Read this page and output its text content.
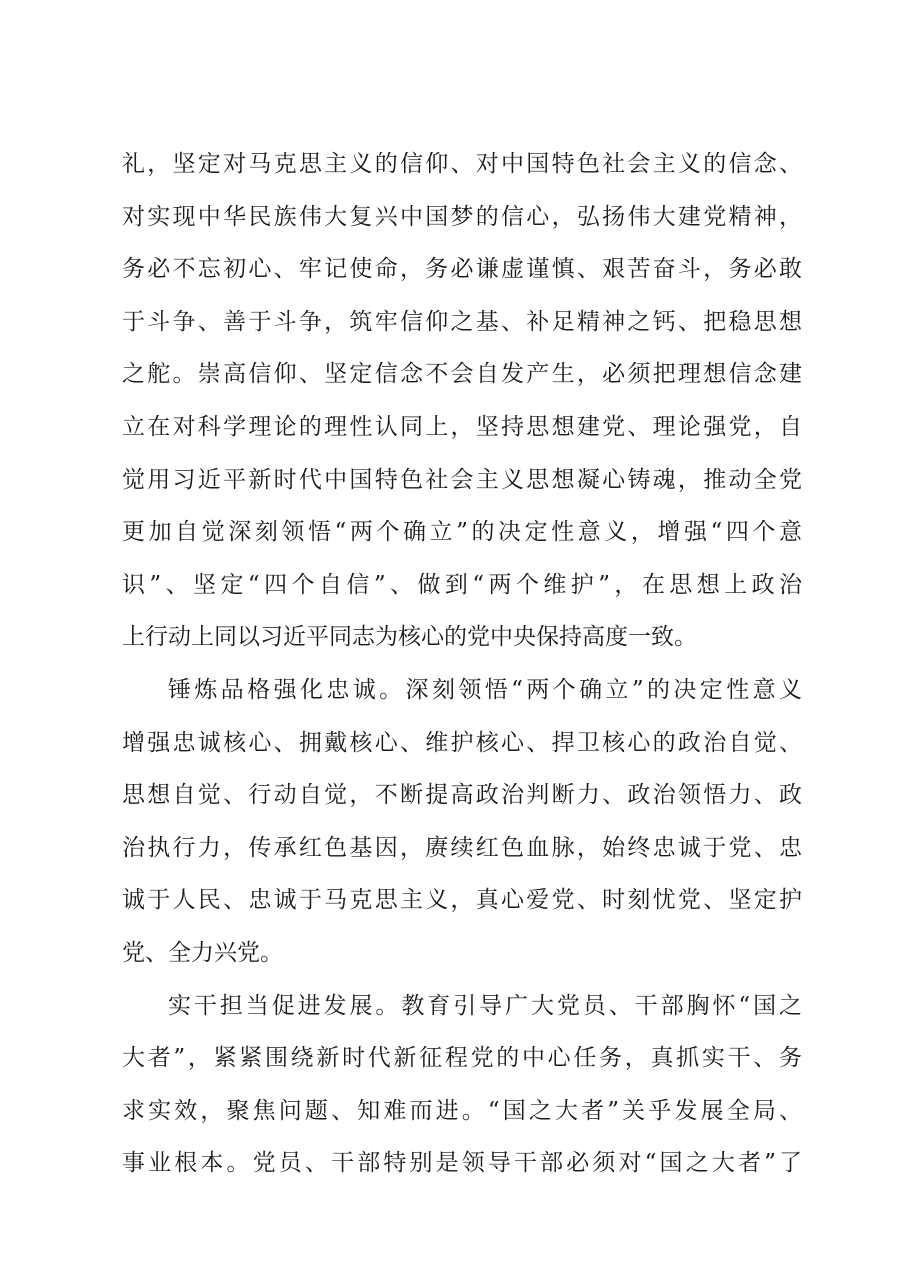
礼，坚定对马克思主义的信仰、对中国特色社会主义的信念、
对实现中华民族伟大复兴中国梦的信心，弘扬伟大建党精神，
务必不忘初心、牢记使命，务必谦虚谨慎、艰苦奋斗，务必敢
于斗争、善于斗争，筑牢信仰之基、补足精神之钙、把稳思想
之舵。崇高信仰、坚定信念不会自发产生，必须把理想信念建
立在对科学理论的理性认同上，坚持思想建党、理论强党，自
觉用习近平新时代中国特色社会主义思想凝心铸魂，推动全党
更加自觉深刻领悟“两个确立”的决定性意义，增强“四个意
识”、坚定“四个自信”、做到“两个维护”，在思想上政治
上行动上同以习近平同志为核心的党中央保持高度一致。
锤炼品格强化忠诚。深刻领悟“两个确立”的决定性意义
增强忠诚核心、拥戴核心、维护核心、捍卫核心的政治自觉、
思想自觉、行动自觉，不断提高政治判断力、政治领悟力、政
治执行力，传承红色基因，赓续红色血脉，始终忠诚于党、忠
诚于人民、忠诚于马克思主义，真心爱党、时刻忧党、坚定护
党、全力兴党。
实干担当促进发展。教育引导广大党员、干部胸怀“国之
大者”，紧紧围绕新时代新征程党的中心任务，真抓实干、务
求实效，聚焦问题、知难而进。“国之大者”关乎发展全局、
事业根本。党员、干部特别是领导干部必须对“国之大者”了
